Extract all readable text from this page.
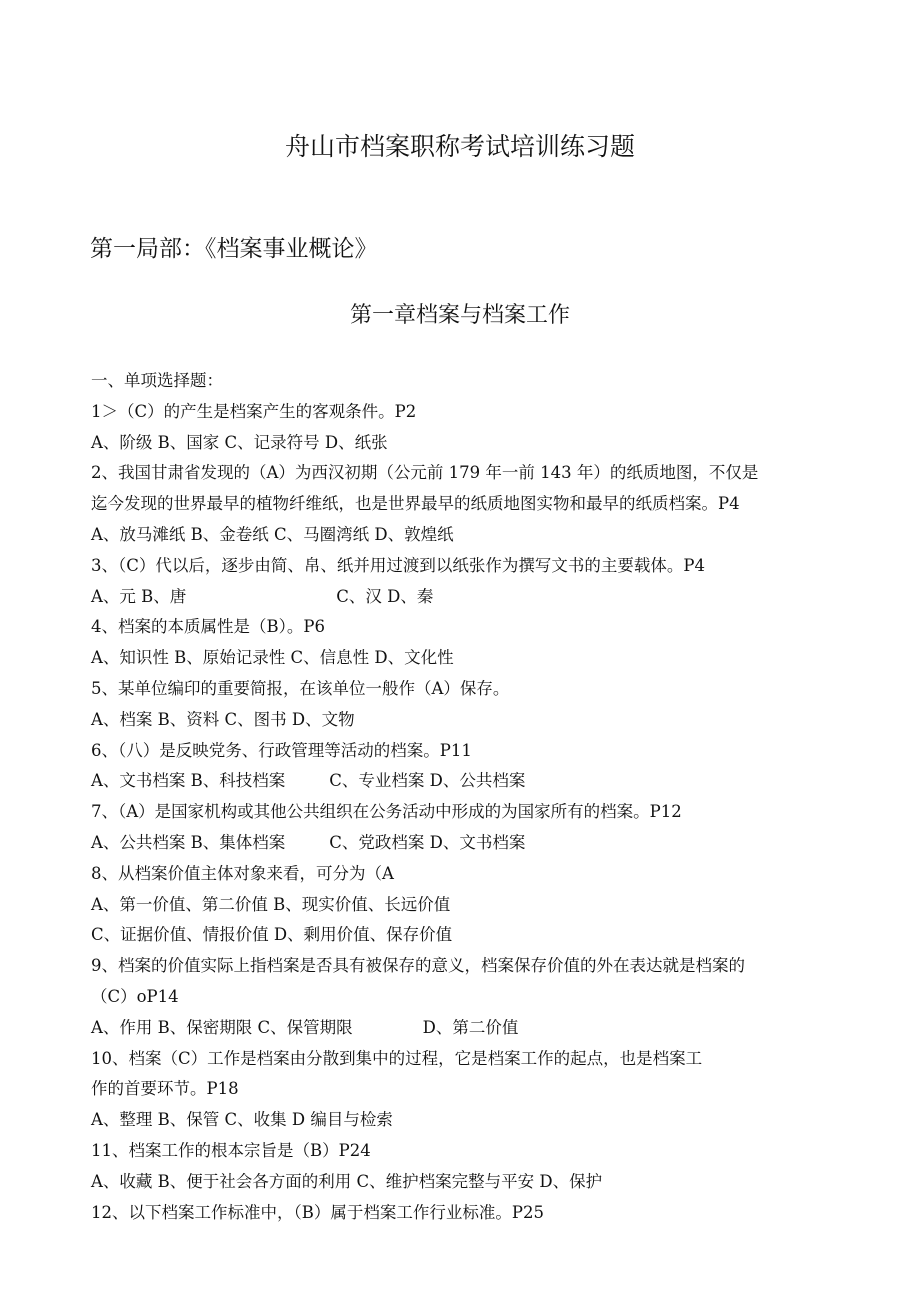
舟山市档案职称考试培训练习题
第一局部：《档案事业概论》
第一章档案与档案工作
一、单项选择题：
1＞（C）的产生是档案产生的客观条件。P2
A、阶级 B、国家 C、记录符号 D、纸张
2、我国甘肃省发现的（A）为西汉初期（公元前 179 年一前 143 年）的纸质地图，不仅是
迄今发现的世界最早的植物纤维纸，也是世界最早的纸质地图实物和最早的纸质档案。P4
A、放马滩纸 B、金卷纸 C、马圈湾纸 D、敦煌纸
3、（C）代以后，逐步由简、帛、纸并用过渡到以纸张作为撰写文书的主要载体。P4
A、元 B、唐	C、汉 D、秦
4、档案的本质属性是（B）。P6
A、知识性 B、原始记录性 C、信息性 D、文化性
5、某单位编印的重要简报，在该单位一般作（A）保存。
A、档案 B、资料 C、图书 D、文物
6、（八）是反映党务、行政管理等活动的档案。P11
A、文书档案 B、科技档案	C、专业档案 D、公共档案
7、（A）是国家机构或其他公共组织在公务活动中形成的为国家所有的档案。P12
A、公共档案 B、集体档案	C、党政档案 D、文书档案
8、从档案价值主体对象来看，可分为（A
A、第一价值、第二价值 B、现实价值、长远价值
C、证据价值、情报价值 D、剩用价值、保存价值
9、档案的价值实际上指档案是否具有被保存的意义，档案保存价值的外在表达就是档案的
（C）oP14
A、作用 B、保密期限 C、保管期限	D、第二价值
10、档案（C）工作是档案由分散到集中的过程，它是档案工作的起点，也是档案工
作的首要环节。P18
A、整理 B、保管 C、收集 D 编目与检索
11、档案工作的根本宗旨是（B）P24
A、收藏 B、便于社会各方面的利用 C、维护档案完整与平安 D、保护
12、以下档案工作标准中，（B）属于档案工作行业标准。P25
